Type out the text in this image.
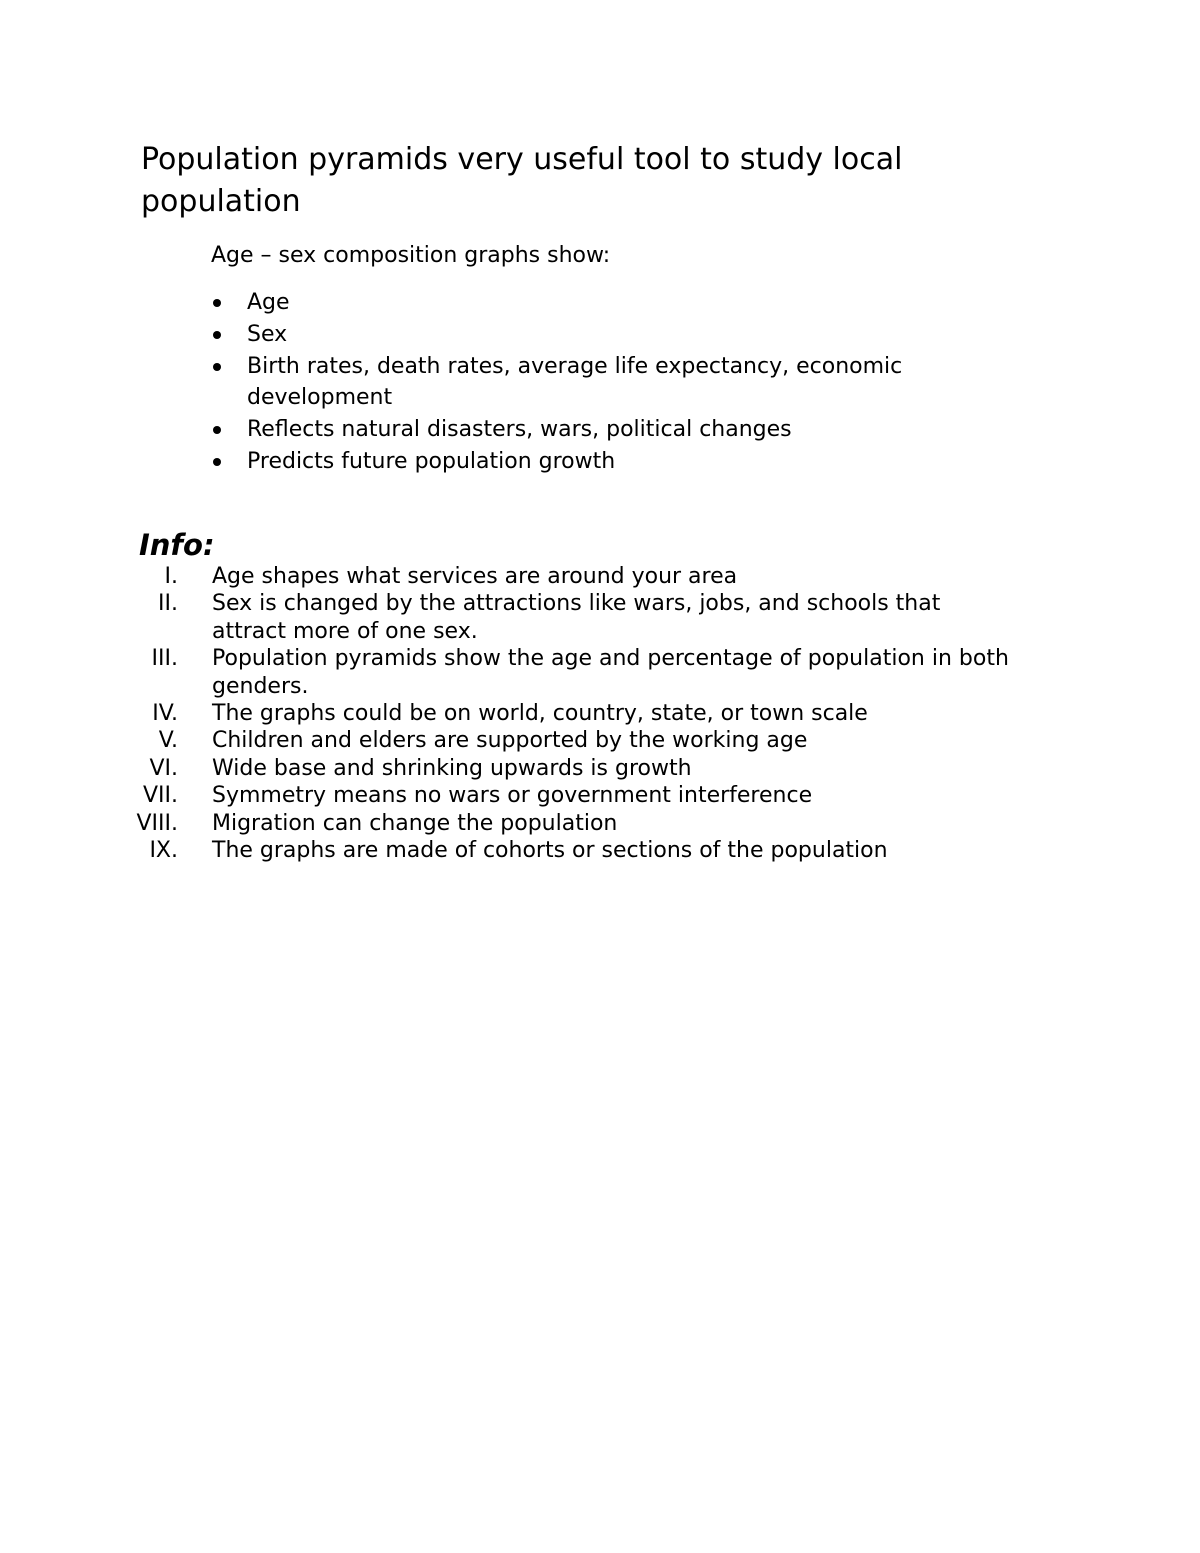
Population pyramids very useful tool to study local population

Age – sex composition graphs show:

Age
Sex
Birth rates, death rates, average life expectancy, economic development
Reflects natural disasters, wars, political changes
Predicts future population growth
Info:
I. Age shapes what services are around your area
II. Sex is changed by the attractions like wars, jobs, and schools that attract more of one sex.
III. Population pyramids show the age and percentage of population in both genders.
IV. The graphs could be on world, country, state, or town scale
V. Children and elders are supported by the working age
VI. Wide base and shrinking upwards is growth
VII. Symmetry means no wars or government interference
VIII. Migration can change the population
IX. The graphs are made of cohorts or sections of the population
